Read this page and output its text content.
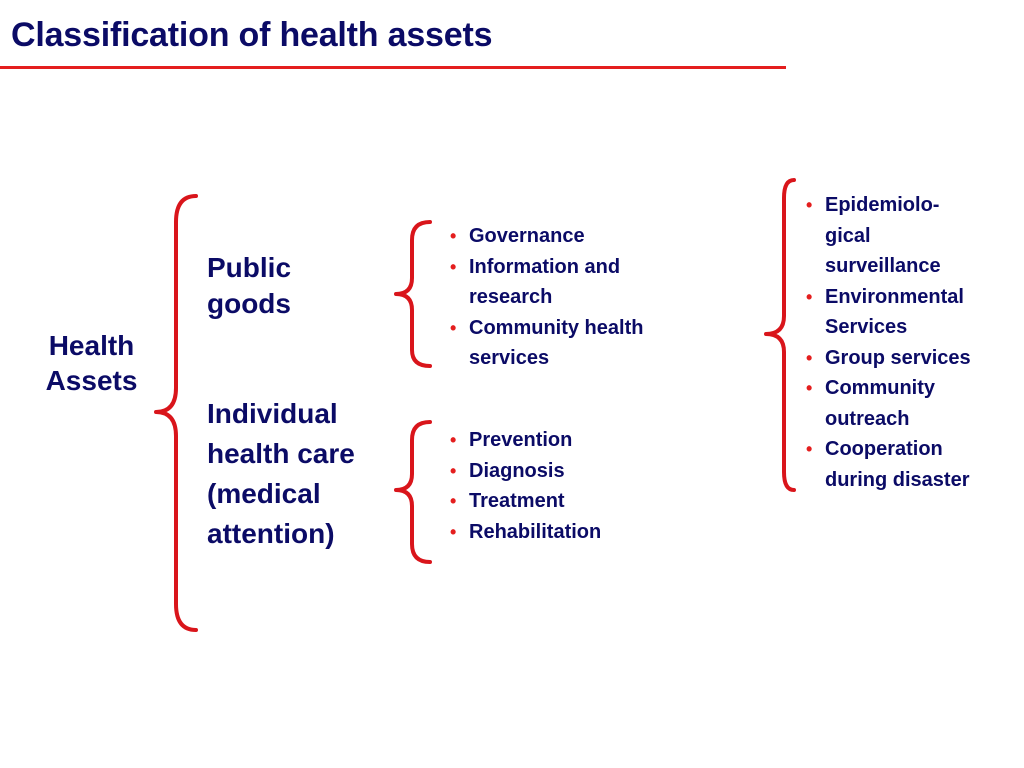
Classification of health assets
Health
Assets
Public
goods
Individual
health care
(medical
attention)
• Governance
• Information and
research
• Community health
services
• Prevention
• Diagnosis
• Treatment
• Rehabilitation
• Epidemiolo-
gical
surveillance
• Environmental
Services
• Group services
• Community
outreach
• Cooperation
during disaster
